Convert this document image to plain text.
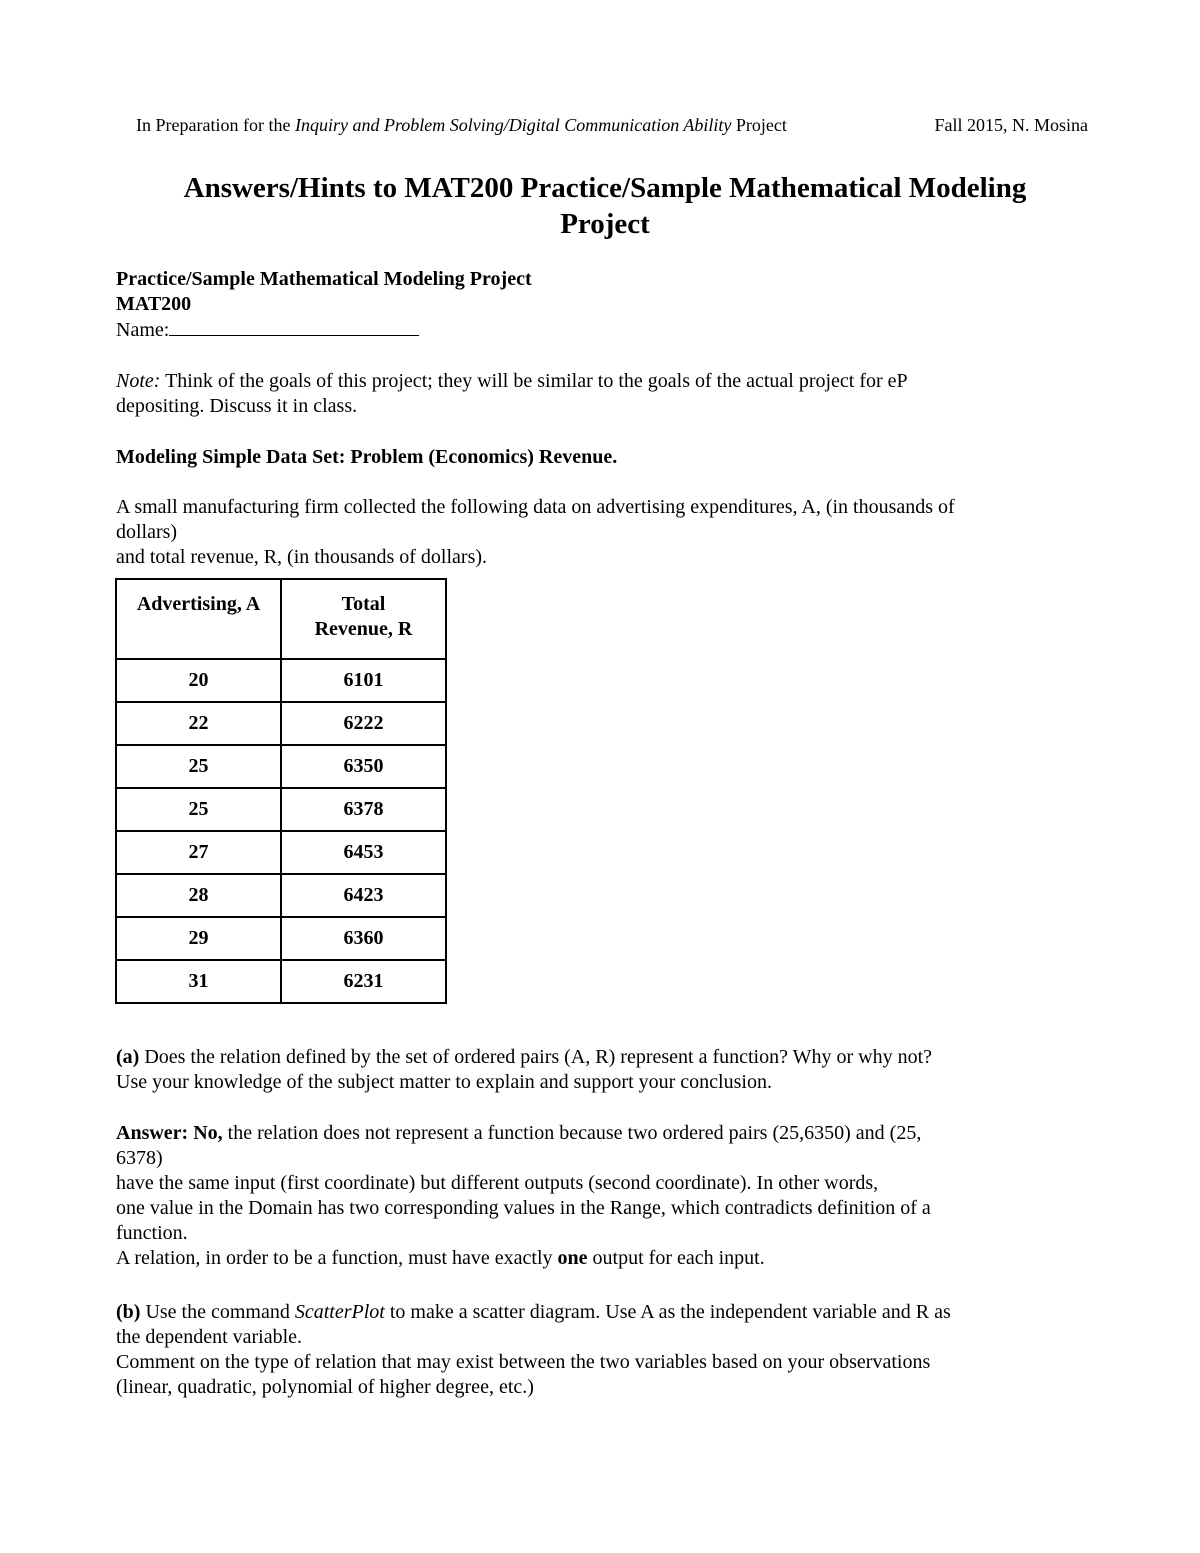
In Preparation for the Inquiry and Problem Solving/Digital Communication Ability Project	Fall 2015, N. Mosina
Answers/Hints to MAT200 Practice/Sample Mathematical Modeling
Project
Practice/Sample Mathematical Modeling Project
MAT200
Name:
Note: Think of the goals of this project; they will be similar to the goals of the actual project for eP
depositing. Discuss it in class.
Modeling Simple Data Set: Problem (Economics) Revenue.
A small manufacturing firm collected the following data on advertising expenditures, A, (in thousands of
dollars)
and total revenue, R, (in thousands of dollars).
Advertising, A	Total
Revenue, R

20	6101
22	6222
25	6350
25	6378
27	6453
28	6423
29	6360
31	6231
(a) Does the relation defined by the set of ordered pairs (A, R) represent a function? Why or why not?
Use your knowledge of the subject matter to explain and support your conclusion.
Answer: No, the relation does not represent a function because two ordered pairs (25,6350) and (25,
6378)
have the same input (first coordinate) but different outputs (second coordinate). In other words,
one value in the Domain has two corresponding values in the Range, which contradicts definition of a
function.
A relation, in order to be a function, must have exactly one output for each input.
(b) Use the command ScatterPlot to make a scatter diagram. Use A as the independent variable and R as
the dependent variable.
Comment on the type of relation that may exist between the two variables based on your observations
(linear, quadratic, polynomial of higher degree, etc.)
